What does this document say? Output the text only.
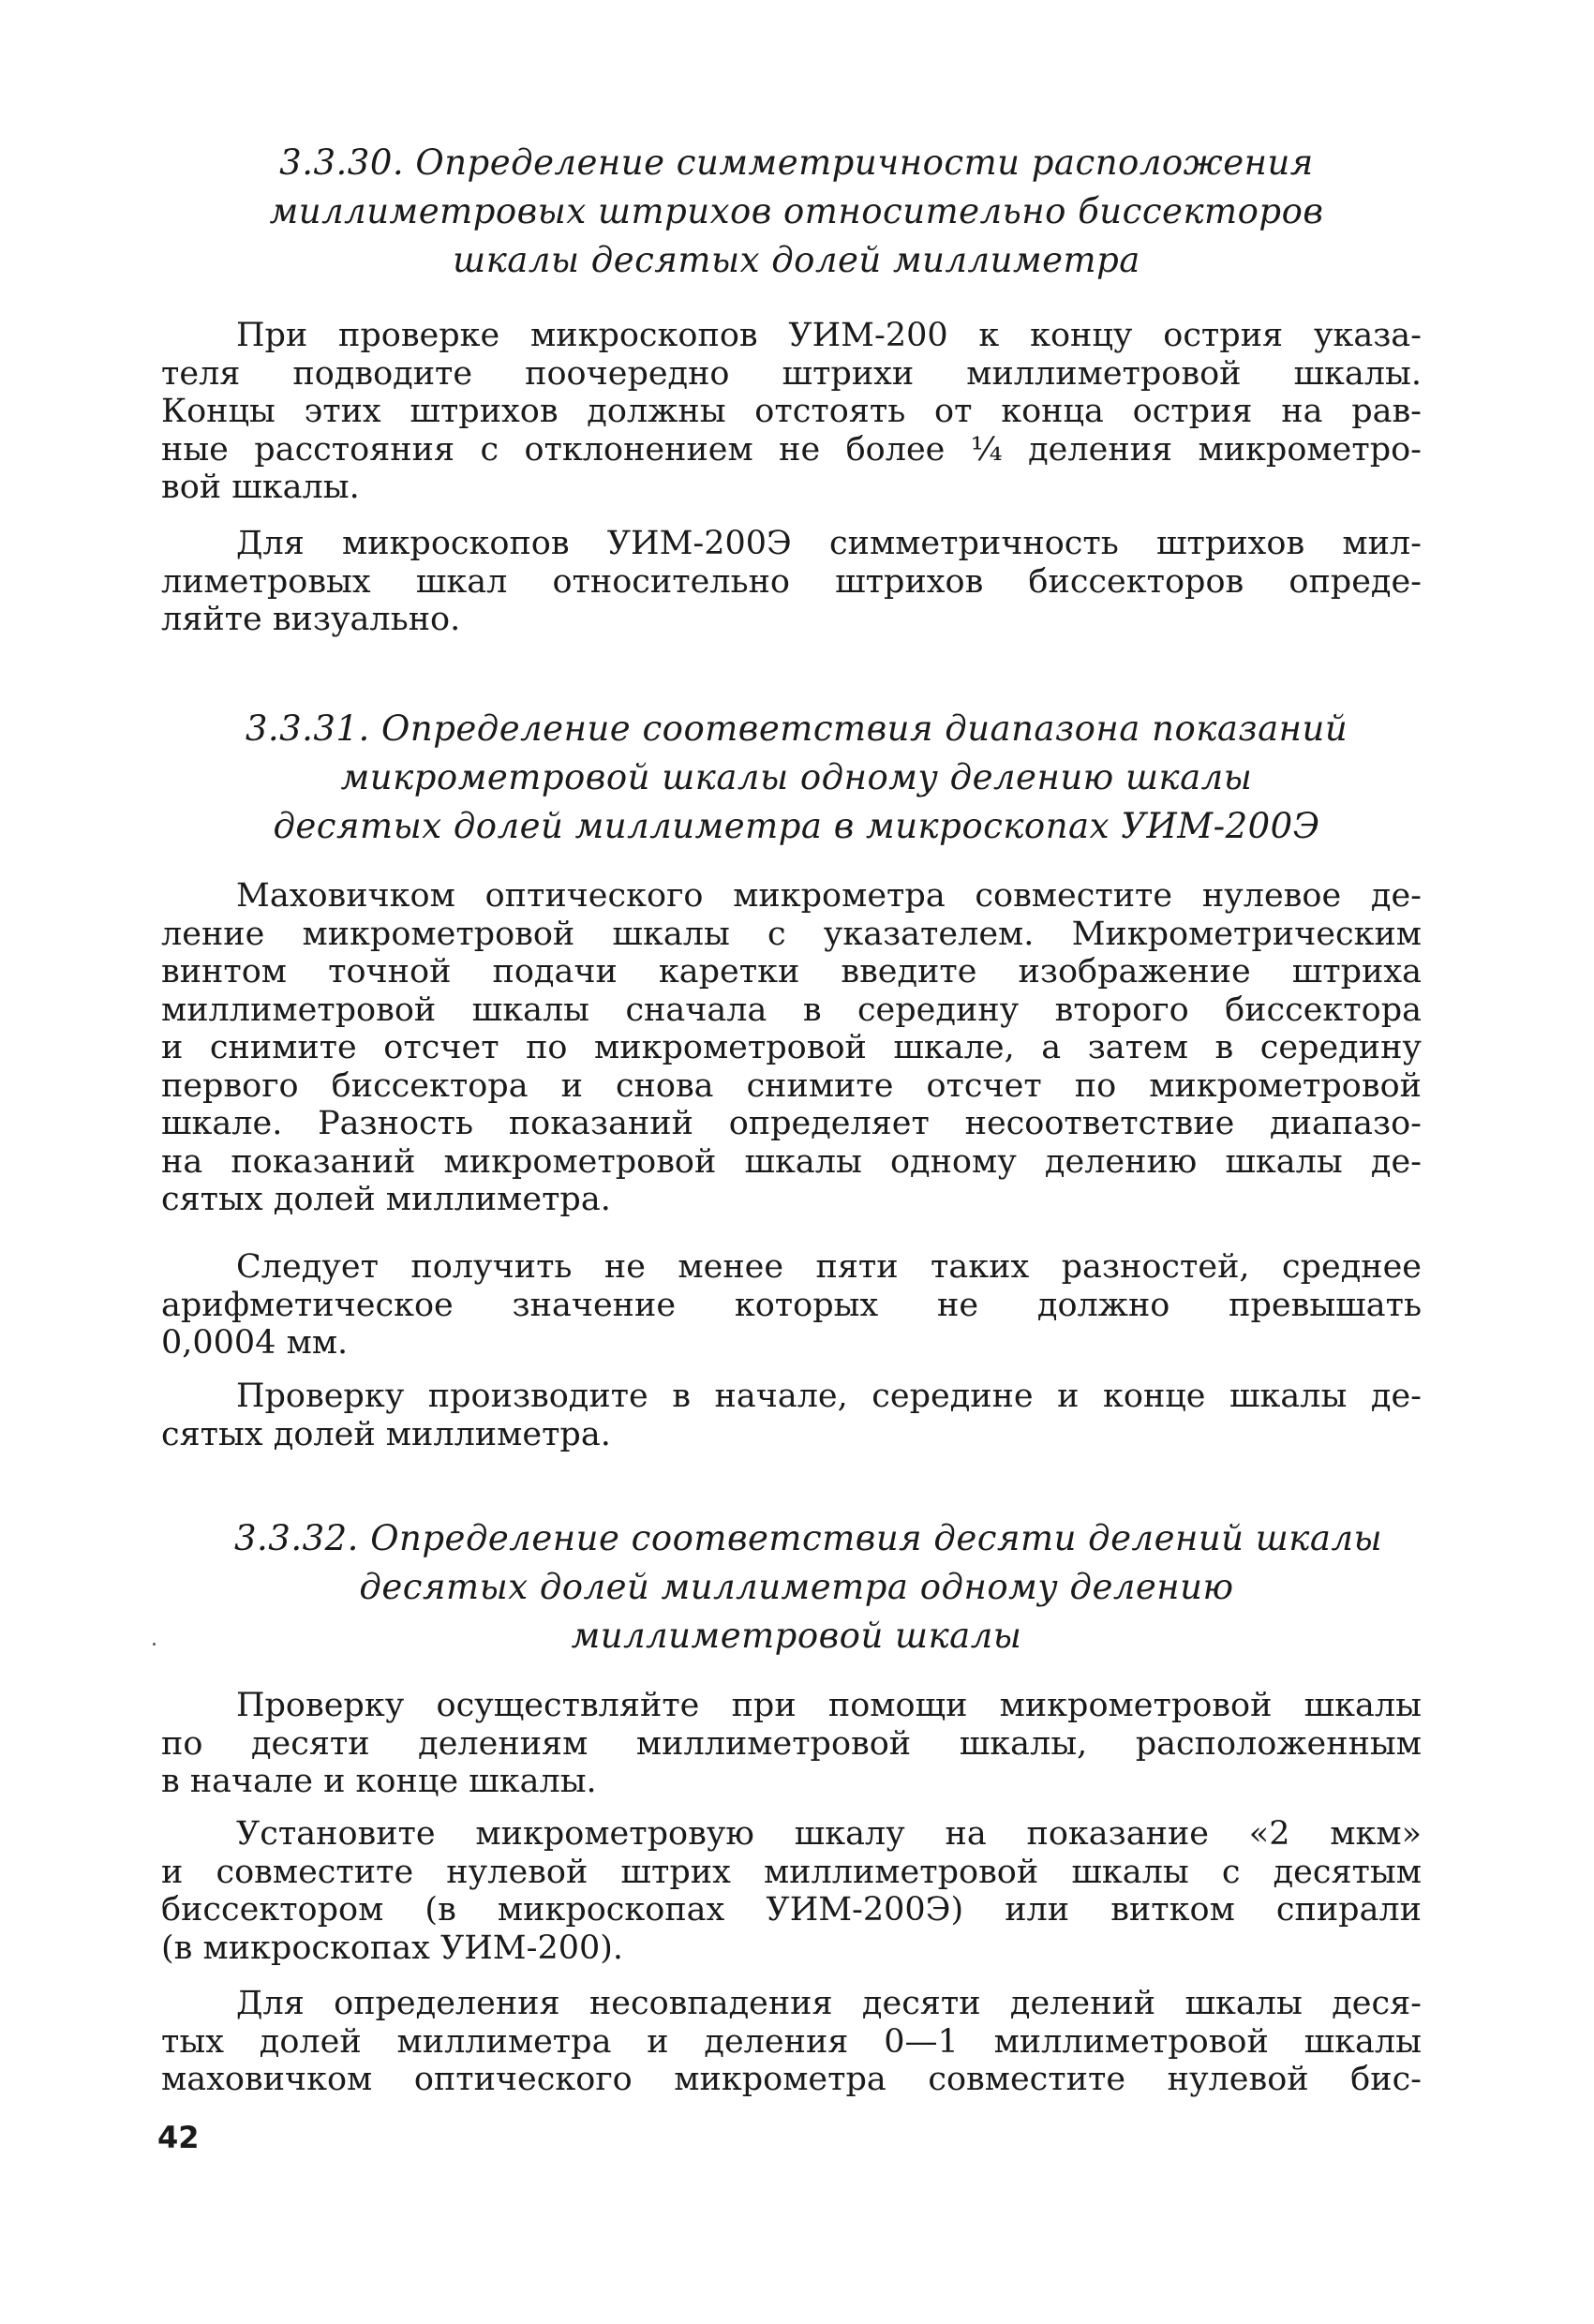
3.3.30. Определение симметричности расположения
миллиметровых штрихов относительно биссекторов
шкалы десятых долей миллиметра

При проверке микроскопов УИМ-200 к концу острия указа-
теля подводите поочередно штрихи миллиметровой шкалы.
Концы этих штрихов должны отстоять от конца острия на рав-
ные расстояния с отклонением не более ¼ деления микрометро-
вой шкалы.

Для микроскопов УИМ-200Э симметричность штрихов мил-
лиметровых шкал относительно штрихов биссекторов опреде-
ляйте визуально.

3.3.31. Определение соответствия диапазона показаний
микрометровой шкалы одному делению шкалы
десятых долей миллиметра в микроскопах УИМ-200Э

Маховичком оптического микрометра совместите нулевое де-
ление микрометровой шкалы с указателем. Микрометрическим
винтом точной подачи каретки введите изображение штриха
миллиметровой шкалы сначала в середину второго биссектора
и снимите отсчет по микрометровой шкале, а затем в середину
первого биссектора и снова снимите отсчет по микрометровой
шкале. Разность показаний определяет несоответствие диапазо-
на показаний микрометровой шкалы одному делению шкалы де-
сятых долей миллиметра.

Следует получить не менее пяти таких разностей, среднее
арифметическое значение которых не должно превышать
0,0004 мм.

Проверку производите в начале, середине и конце шкалы де-
сятых долей миллиметра.

3.3.32. Определение соответствия десяти делений шкалы
десятых долей миллиметра одному делению
миллиметровой шкалы

Проверку осуществляйте при помощи микрометровой шкалы
по десяти делениям миллиметровой шкалы, расположенным
в начале и конце шкалы.

Установите микрометровую шкалу на показание «2 мкм»
и совместите нулевой штрих миллиметровой шкалы с десятым
биссектором (в микроскопах УИМ-200Э) или витком спирали
(в микроскопах УИМ-200).

Для определения несовпадения десяти делений шкалы деся-
тых долей миллиметра и деления 0—1 миллиметровой шкалы
маховичком оптического микрометра совместите нулевой бис-

42
